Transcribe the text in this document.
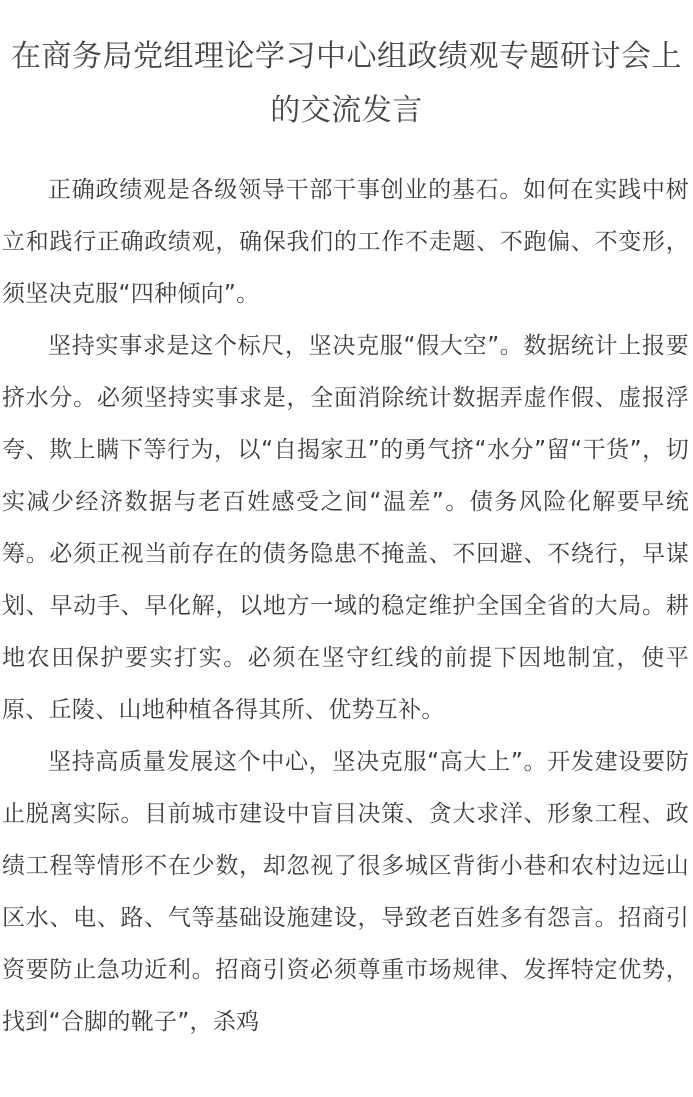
在商务局党组理论学习中心组政绩观专题研讨会上的交流发言

正确政绩观是各级领导干部干事创业的基石。如何在实践中树立和践行正确政绩观，确保我们的工作不走题、不跑偏、不变形，须坚决克服“四种倾向”。

坚持实事求是这个标尺，坚决克服“假大空”。数据统计上报要挤水分。必须坚持实事求是，全面消除统计数据弄虚作假、虚报浮夸、欺上瞒下等行为，以“自揭家丑”的勇气挤“水分”留“干货”，切实减少经济数据与老百姓感受之间“温差”。债务风险化解要早统筹。必须正视当前存在的债务隐患不掩盖、不回避、不绕行，早谋划、早动手、早化解，以地方一域的稳定维护全国全省的大局。耕地农田保护要实打实。必须在坚守红线的前提下因地制宜，使平原、丘陵、山地种植各得其所、优势互补。

坚持高质量发展这个中心，坚决克服“高大上”。开发建设要防止脱离实际。目前城市建设中盲目决策、贪大求洋、形象工程、政绩工程等情形不在少数，却忽视了很多城区背街小巷和农村边远山区水、电、路、气等基础设施建设，导致老百姓多有怨言。招商引资要防止急功近利。招商引资必须尊重市场规律、发挥特定优势，找到“合脚的靴子”，杀鸡
